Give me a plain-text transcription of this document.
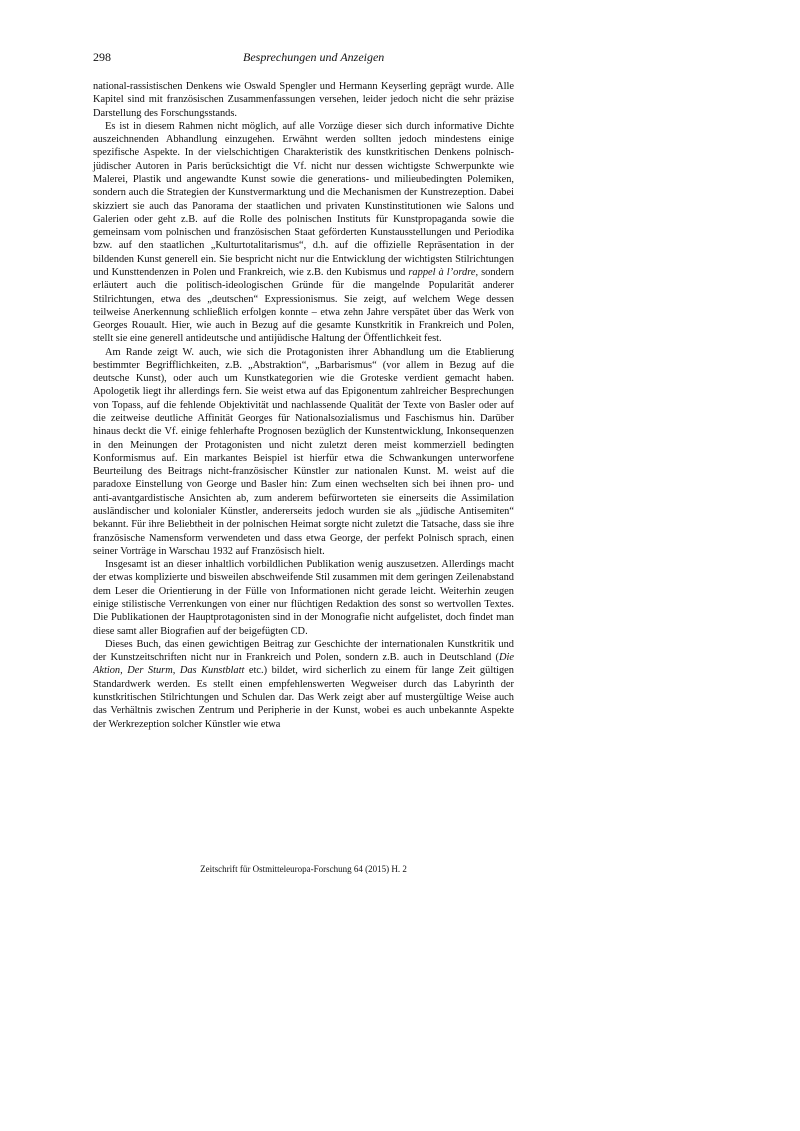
298	Besprechungen und Anzeigen

national-rassistischen Denkens wie Oswald Spengler und Hermann Keyserling geprägt wurde. Alle Kapitel sind mit französischen Zusammenfassungen versehen, leider jedoch nicht die sehr präzise Darstellung des Forschungsstands.

Es ist in diesem Rahmen nicht möglich, auf alle Vorzüge dieser sich durch informative Dichte auszeichnenden Abhandlung einzugehen. Erwähnt werden sollten jedoch mindestens einige spezifische Aspekte. In der vielschichtigen Charakteristik des kunstkritischen Denkens polnisch-jüdischer Autoren in Paris berücksichtigt die Vf. nicht nur dessen wichtigste Schwerpunkte wie Malerei, Plastik und angewandte Kunst sowie die generations- und milieubedingten Polemiken, sondern auch die Strategien der Kunstvermarktung und die Mechanismen der Kunstrezeption. Dabei skizziert sie auch das Panorama der staatlichen und privaten Kunstinstitutionen wie Salons und Galerien oder geht z.B. auf die Rolle des polnischen Instituts für Kunstpropaganda sowie die gemeinsam vom polnischen und französischen Staat geförderten Kunstausstellungen und Periodika bzw. auf den staatlichen „Kulturtotalitarismus“, d.h. auf die offizielle Repräsentation in der bildenden Kunst generell ein. Sie bespricht nicht nur die Entwicklung der wichtigsten Stilrichtungen und Kunsttendenzen in Polen und Frankreich, wie z.B. den Kubismus und rappel à l’ordre, sondern erläutert auch die politisch-ideologischen Gründe für die mangelnde Popularität anderer Stilrichtungen, etwa des „deutschen“ Expressionismus. Sie zeigt, auf welchem Wege dessen teilweise Anerkennung schließlich erfolgen konnte – etwa zehn Jahre verspätet über das Werk von Georges Rouault. Hier, wie auch in Bezug auf die gesamte Kunstkritik in Frankreich und Polen, stellt sie eine generell antideutsche und antijüdische Haltung der Öffentlichkeit fest.

Am Rande zeigt W. auch, wie sich die Protagonisten ihrer Abhandlung um die Etablierung bestimmter Begrifflichkeiten, z.B. „Abstraktion“, „Barbarismus“ (vor allem in Bezug auf die deutsche Kunst), oder auch um Kunstkategorien wie die Groteske verdient gemacht haben. Apologetik liegt ihr allerdings fern. Sie weist etwa auf das Epigonentum zahlreicher Besprechungen von Topass, auf die fehlende Objektivität und nachlassende Qualität der Texte von Basler oder auf die zeitweise deutliche Affinität Georges für Nationalsozialismus und Faschismus hin. Darüber hinaus deckt die Vf. einige fehlerhafte Prognosen bezüglich der Kunstentwicklung, Inkonsequenzen in den Meinungen der Protagonisten und nicht zuletzt deren meist kommerziell bedingten Konformismus auf. Ein markantes Beispiel ist hierfür etwa die Schwankungen unterworfene Beurteilung des Beitrags nicht-französischer Künstler zur nationalen Kunst. M. weist auf die paradoxe Einstellung von George und Basler hin: Zum einen wechselten sich bei ihnen pro- und anti-avantgardistische Ansichten ab, zum anderem befürworteten sie einerseits die Assimilation ausländischer und kolonialer Künstler, andererseits jedoch wurden sie als „jüdische Antisemiten“ bekannt. Für ihre Beliebtheit in der polnischen Heimat sorgte nicht zuletzt die Tatsache, dass sie ihre französische Namensform verwendeten und dass etwa George, der perfekt Polnisch sprach, einen seiner Vorträge in Warschau 1932 auf Französisch hielt.

Insgesamt ist an dieser inhaltlich vorbildlichen Publikation wenig auszusetzen. Allerdings macht der etwas komplizierte und bisweilen abschweifende Stil zusammen mit dem geringen Zeilenabstand dem Leser die Orientierung in der Fülle von Informationen nicht gerade leicht. Weiterhin zeugen einige stilistische Verrenkungen von einer nur flüchtigen Redaktion des sonst so wertvollen Textes. Die Publikationen der Hauptprotagonisten sind in der Monografie nicht aufgelistet, doch findet man diese samt aller Biografien auf der beigefügten CD.

Dieses Buch, das einen gewichtigen Beitrag zur Geschichte der internationalen Kunstkritik und der Kunstzeitschriften nicht nur in Frankreich und Polen, sondern z.B. auch in Deutschland (Die Aktion, Der Sturm, Das Kunstblatt etc.) bildet, wird sicherlich zu einem für lange Zeit gültigen Standardwerk werden. Es stellt einen empfehlenswerten Wegweiser durch das Labyrinth der kunstkritischen Stilrichtungen und Schulen dar. Das Werk zeigt aber auf mustergültige Weise auch das Verhältnis zwischen Zentrum und Peripherie in der Kunst, wobei es auch unbekannte Aspekte der Werkrezeption solcher Künstler wie etwa

Zeitschrift für Ostmitteleuropa-Forschung 64 (2015) H. 2
